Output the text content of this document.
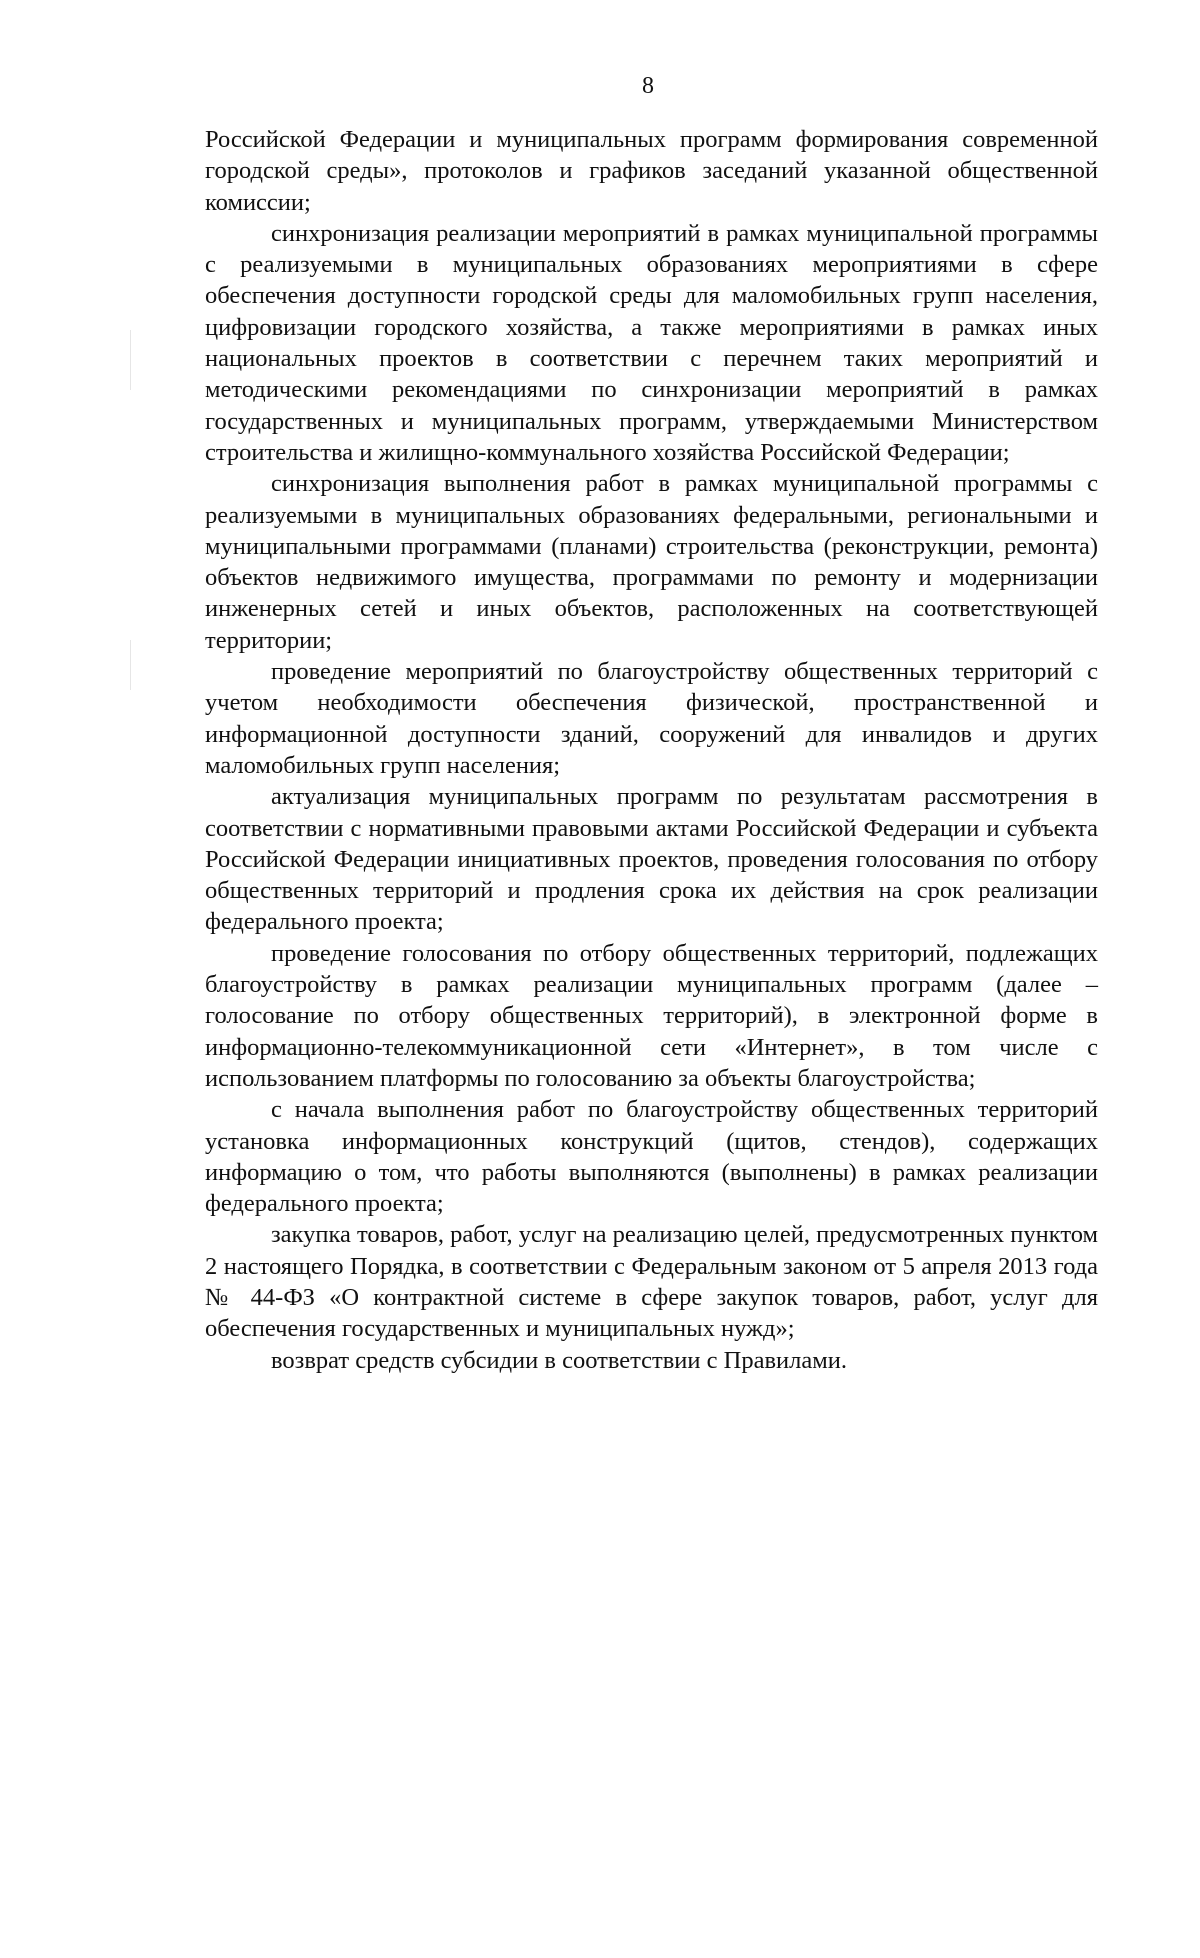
8

Российской Федерации и муниципальных программ формирования современной городской среды», протоколов и графиков заседаний указанной общественной комиссии;

синхронизация реализации мероприятий в рамках муниципальной программы с реализуемыми в муниципальных образованиях мероприятиями в сфере обеспечения доступности городской среды для маломобильных групп населения, цифровизации городского хозяйства, а также мероприятиями в рамках иных национальных проектов в соответствии с перечнем таких мероприятий и методическими рекомендациями по синхронизации мероприятий в рамках государственных и муниципальных программ, утверждаемыми Министерством строительства и жилищно-коммунального хозяйства Российской Федерации;

синхронизация выполнения работ в рамках муниципальной программы с реализуемыми в муниципальных образованиях федеральными, региональными и муниципальными программами (планами) строительства (реконструкции, ремонта) объектов недвижимого имущества, программами по ремонту и модернизации инженерных сетей и иных объектов, расположенных на соответствующей территории;

проведение мероприятий по благоустройству общественных территорий с учетом необходимости обеспечения физической, пространственной и информационной доступности зданий, сооружений для инвалидов и других маломобильных групп населения;

актуализация муниципальных программ по результатам рассмотрения в соответствии с нормативными правовыми актами Российской Федерации и субъекта Российской Федерации инициативных проектов, проведения голосования по отбору общественных территорий и продления срока их действия на срок реализации федерального проекта;

проведение голосования по отбору общественных территорий, подлежащих благоустройству в рамках реализации муниципальных программ (далее – голосование по отбору общественных территорий), в электронной форме в информационно-телекоммуникационной сети «Интернет», в том числе с использованием платформы по голосованию за объекты благоустройства;

с начала выполнения работ по благоустройству общественных территорий установка информационных конструкций (щитов, стендов), содержащих информацию о том, что работы выполняются (выполнены) в рамках реализации федерального проекта;

закупка товаров, работ, услуг на реализацию целей, предусмотренных пунктом 2 настоящего Порядка, в соответствии с Федеральным законом от 5 апреля 2013 года № 44-ФЗ «О контрактной системе в сфере закупок товаров, работ, услуг для обеспечения государственных и муниципальных нужд»;

возврат средств субсидии в соответствии с Правилами.
